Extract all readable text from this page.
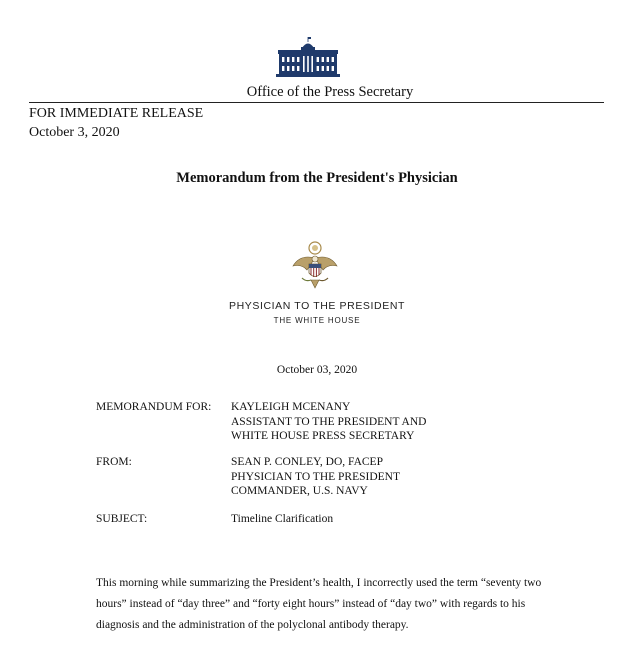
Office of the Press Secretary
FOR IMMEDIATE RELEASE
October 3, 2020
Memorandum from the President's Physician
PHYSICIAN TO THE PRESIDENT
THE WHITE HOUSE
October 03, 2020
MEMORANDUM FOR: KAYLEIGH MCENANY
ASSISTANT TO THE PRESIDENT AND
WHITE HOUSE PRESS SECRETARY
FROM:	SEAN P. CONLEY, DO, FACEP
PHYSICIAN TO THE PRESIDENT
COMMANDER, U.S. NAVY
SUBJECT:	Timeline Clarification
This morning while summarizing the President’s health, I incorrectly used the term “seventy two
hours” instead of “day three” and “forty eight hours” instead of “day two” with regards to his
diagnosis and the administration of the polyclonal antibody therapy.
